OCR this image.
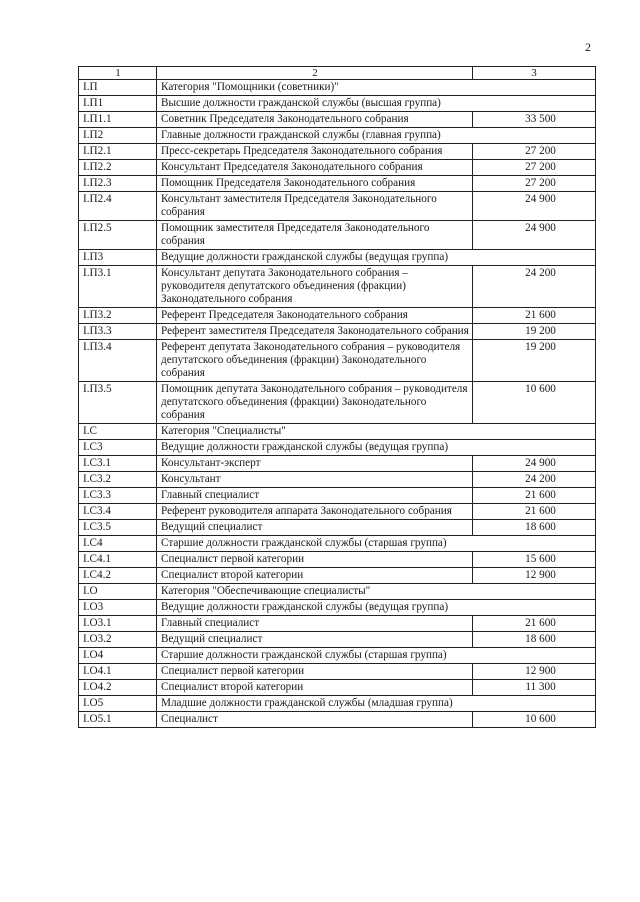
2
1	2	3
I.П	Категория "Помощники (советники)"	
I.П1	Высшие должности гражданской службы (высшая группа)	
I.П1.1	Советник Председателя Законодательного собрания	33 500
I.П2	Главные должности гражданской службы (главная группа)	
I.П2.1	Пресс-секретарь Председателя Законодательного собрания	27 200
I.П2.2	Консультант Председателя Законодательного собрания	27 200
I.П2.3	Помощник Председателя Законодательного собрания	27 200
I.П2.4	Консультант заместителя Председателя Законодательного собрания	24 900
I.П2.5	Помощник заместителя Председателя Законодательного собрания	24 900
I.П3	Ведущие должности гражданской службы (ведущая группа)	
I.П3.1	Консультант депутата Законодательного собрания – руководителя депутатского объединения (фракции) Законодательного собрания	24 200
I.П3.2	Референт Председателя Законодательного собрания	21 600
I.П3.3	Референт заместителя Председателя Законодательного собрания	19 200
I.П3.4	Референт депутата Законодательного собрания – руководителя депутатского объединения (фракции) Законодательного собрания	19 200
I.П3.5	Помощник депутата Законодательного собрания – руководителя депутатского объединения (фракции) Законодательного собрания	10 600
I.С	Категория "Специалисты"	
I.С3	Ведущие должности гражданской службы (ведущая группа)	
I.С3.1	Консультант-эксперт	24 900
I.С3.2	Консультант	24 200
I.С3.3	Главный специалист	21 600
I.С3.4	Референт руководителя аппарата Законодательного собрания	21 600
I.С3.5	Ведущий специалист	18 600
I.С4	Старшие должности гражданской службы (старшая группа)	
I.С4.1	Специалист первой категории	15 600
I.С4.2	Специалист второй категории	12 900
I.О	Категория "Обеспечивающие специалисты"	
I.О3	Ведущие должности гражданской службы (ведущая группа)	
I.О3.1	Главный специалист	21 600
I.О3.2	Ведущий специалист	18 600
I.О4	Старшие должности гражданской службы (старшая группа)	
I.О4.1	Специалист первой категории	12 900
I.О4.2	Специалист второй категории	11 300
I.О5	Младшие должности гражданской службы (младшая группа)	
I.О5.1	Специалист	10 600
